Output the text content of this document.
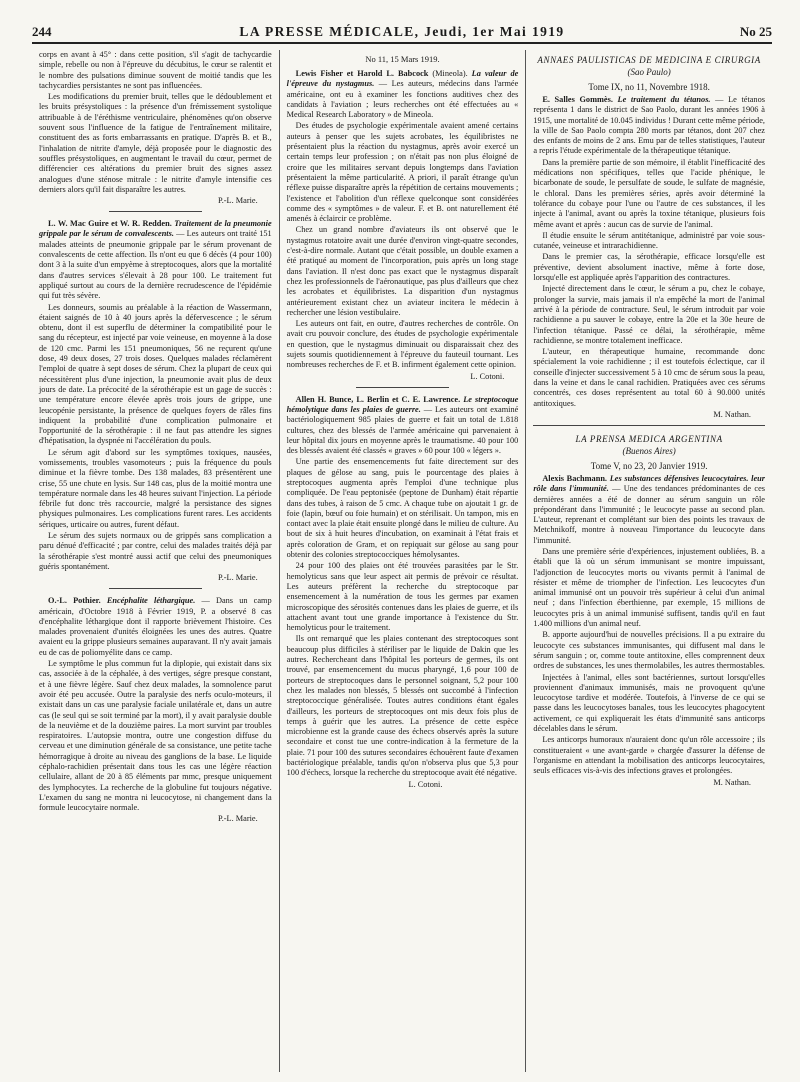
244	LA PRESSE MÉDICALE, Jeudi, 1er Mai 1919	No 25

corps en avant à 45° : dans cette position, s'il s'agit de tachycardie simple, rebelle ou non à l'épreuve du décubitus, le cœur se ralentit et le nombre des pulsations diminue souvent de moitié tandis que les tachycardies persistantes ne sont pas influencées.

Les modifications du premier bruit, telles que le dédoublement et les bruits présystoliques : la présence d'un frémissement systolique attribuable à de l'éréthisme ventriculaire, phénomènes qu'on observe souvent sous l'influence de la fatigue de l'entraînement militaire, constituent des as forts embarrassants en pratique. D'après B. et B., l'inhalation de nitrite d'amyle, déjà proposée pour le diagnostic des souffles présystoliques, en augmentant le travail du cœur, permet de différencier ces altérations du premier bruit des signes assez analogues d'une sténose mitrale : le nitrite d'amyle intensifie ces derniers alors qu'il fait disparaître les autres.

P.-L. Marie.

L. W. Mac Guire et W. R. Redden. Traitement de la pneumonie grippale par le sérum de convalescents. — Les auteurs ont traité 151 malades atteints de pneumonie grippale par le sérum provenant de convalescents de cette affection. Ils n'ont eu que 6 décès (4 pour 100) dont 3 à la suite d'un empyème à streptocoques, alors que la mortalité dans d'autres services s'élevait à 28 pour 100. Le traitement fut appliqué surtout au cours de la dernière recrudescence de l'épidémie qui fut très sévère.

Les donneurs, soumis au préalable à la réaction de Wassermann, étaient saignés de 10 à 40 jours après la défervescence ; le sérum obtenu, dont il est superflu de déterminer la compatibilité pour le sang du récepteur, est injecté par voie veineuse, en moyenne à la dose de 120 cmc. Parmi les 151 pneumoniques, 56 ne reçurent qu'une dose, 49 deux doses, 27 trois doses. Quelques malades réclamèrent l'emploi de quatre à sept doses de sérum. Chez la plupart de ceux qui nécessitèrent plus d'une injection, la pneumonie avait plus de deux jours de date. La précocité de la sérothérapie est un gage de succès : une température encore élevée après trois jours de grippe, une leucopénie persistante, la présence de quelques foyers de râles fins indiquent la probabilité d'une complication pulmonaire et l'opportunité de la sérothérapie : il ne faut pas attendre les signes d'hépatisation, la dyspnée ni l'accélération du pouls.

Le sérum agit d'abord sur les symptômes toxiques, nausées, vomissements, troubles vasomoteurs ; puis la fréquence du pouls diminue et la fièvre tombe. Des 138 malades, 83 présentèrent une crise, 55 une chute en lysis. Sur 148 cas, plus de la moitié montra une température normale dans les 48 heures suivant l'injection. La période fébrile fut donc très raccourcie, malgré la persistance des signes physiques pulmonaires. Les complications furent rares. Les accidents sériques, urticaire ou autres, furent défaut.

Le sérum des sujets normaux ou de grippés sans complication a paru dénué d'efficacité ; par contre, celui des malades traités déjà par la sérothérapie s'est montré aussi actif que celui des pneumoniques guéris spontanément.

P.-L. Marie.

O.-L. Pothier. Encéphalite léthargique. — Dans un camp américain, d'Octobre 1918 à Février 1919, P. a observé 8 cas d'encéphalite léthargique dont il rapporte brièvement l'histoire. Ces malades provenaient d'unités éloignées les unes des autres. Quatre avaient eu la grippe plusieurs semaines auparavant. Il n'y avait jamais eu de cas de poliomyélite dans ce camp.

Le symptôme le plus commun fut la diplopie, qui existait dans six cas, associée à de la céphalée, à des vertiges, ségre presque constant, et à une fièvre légère. Sauf chez deux malades, la somnolence parut avoir été peu accusée. Outre la paralysie des nerfs oculo-moteurs, il existait dans un cas une paralysie faciale unilatérale et, dans un autre cas (le seul qui se soit terminé par la mort), il y avait paralysie double de la neuvième et de la douzième paires. La mort survint par troubles respiratoires. L'autopsie montra, outre une congestion diffuse du cerveau et une diminution générale de sa consistance, une petite tache hémorragique à droite au niveau des ganglions de la base. Le liquide céphalo-rachidien présentait dans tous les cas une légère réaction cellulaire, allant de 20 à 85 éléments par mmc, presque uniquement des lymphocytes. La recherche de la globuline fut toujours négative. L'examen du sang ne montra ni leucocytose, ni changement dans la formule leucocytaire normale.

P.-L. Marie.
No 11, 15 Mars 1919.

Lewis Fisher et Harold L. Babcock (Mineola). La valeur de l'épreuve du nystagmus. — Les auteurs, médecins dans l'armée américaine, ont eu à examiner les fonctions auditives chez des candidats à l'aviation ; leurs recherches ont été effectuées au « Medical Research Laboratory » de Mineola.

Des études de psychologie expérimentale avaient amené certains auteurs à penser que les sujets acrobates, les équilibristes ne présentaient plus la réaction du nystagmus, après avoir exercé un certain temps leur profession ; on n'était pas non plus éloigné de croire que les militaires servant depuis longtemps dans l'aviation présentaient la même particularité. A priori, il paraît étrange qu'un réflexe puisse disparaître après la répétition de certains mouvements ; l'existence et l'abolition d'un réflexe quelconque sont considérées comme des « symptômes » de valeur. F. et B. ont naturellement été amenés à éclaircir ce problème.

Chez un grand nombre d'aviateurs ils ont observé que le nystagmus rotatoire avait une durée d'environ vingt-quatre secondes, c'est-à-dire normale. Autant que c'était possible, un double examen a été pratiqué au moment de l'incorporation, puis après un long stage dans l'aviation. Il n'est donc pas exact que le nystagmus disparaît chez les professionnels de l'aéronautique, pas plus d'ailleurs que chez les acrobates et équilibristes. La disparition d'un nystagmus antérieurement existant chez un aviateur incitera le médecin à rechercher une lésion vestibulaire.

Les auteurs ont fait, en outre, d'autres recherches de contrôle. On avait cru pouvoir conclure, des études de psychologie expérimentale en question, que le nystagmus diminuait ou disparaissait chez des sujets soumis quotidiennement à l'épreuve du fauteuil tournant. Les nombreuses recherches de F. et B. infirment également cette opinion.

L. Cotoni.

Allen H. Bunce, L. Berlin et C. E. Lawrence. Le streptocoque hémolytique dans les plaies de guerre. — Les auteurs ont examiné bactériologiquement 985 plaies de guerre et fait un total de 1.818 cultures, chez des blessés de l'armée américaine qui parvenaient à leur hôpital dix jours en moyenne après le traumatisme. 40 pour 100 des blessés avaient été classés « graves » 60 pour 100 « légers ».

Une partie des ensemencements fut faite directement sur des plaques de gélose au sang, puis le pourcentage des plaies à streptocoques augmenta après l'emploi d'une technique plus compliquée. De l'eau peptonisée (peptone de Dunham) était répartie dans des tubes, à raison de 5 cmc. A chaque tube on ajoutait 1 gr. de foie (lapin, bœuf ou foie humain) et on stérilisait. Un tampon, mis en contact avec la plaie était ensuite plongé dans le milieu de culture. Au bout de six à huit heures d'incubation, on examinait à l'état frais et après coloration de Gram, et on repiquait sur gélose au sang pour obtenir des colonies streptococciques hémolysantes.

24 pour 100 des plaies ont été trouvées parasitées par le Str. hemolyticus sans que leur aspect ait permis de prévoir ce résultat. Les auteurs préfèrent la recherche du streptocoque par ensemencement à la numération de tous les germes par examen microscopique des sérosités contenues dans les plaies de guerre, et ils attachent avant tout une grande importance à l'existence du Str. hemolyticus pour le traitement.

Ils ont remarqué que les plaies contenant des streptocoques sont beaucoup plus difficiles à stériliser par le liquide de Dakin que les autres. Rechercheant dans l'hôpital les porteurs de germes, ils ont trouvé, par ensemencement du mucus pharyngé, 1,6 pour 100 de porteurs de streptocoques dans le personnel soignant, 5,2 pour 100 chez les malades non blessés, 5 blessés ont succombé à l'infection streptococcique généralisée. Toutes autres conditions étant égales d'ailleurs, les porteurs de streptocoques ont mis deux fois plus de temps à guérir que les autres. La présence de cette espèce microbienne est la grande cause des échecs observés après la suture secondaire et const tue une contre-indication à la fermeture de la plaie. 71 pour 100 des sutures secondaires échouèrent faute d'examen bactériologique préalable, tandis qu'on n'observa plus que 5,3 pour 100 d'échecs, lorsque la recherche du streptocoque avait été négative.

L. Cotoni.
ANNAES PAULISTICAS DE MEDICINA E CIRURGIA
(Sao Paulo)
Tome IX, no 11, Novembre 1918.

E. Salles Gommès. Le traitement du tétanos. — Le tétanos représenta 1 dans le district de Sao Paolo, durant les années 1906 à 1915, une mortalité de 10.045 individus ! Durant cette même période, la ville de Sao Paolo compta 280 morts par tétanos, dont 207 chez des enfants de moins de 2 ans. Emu par de telles statistiques, l'auteur a repris l'étude expérimentale de la thérapeutique tétanique.

Dans la première partie de son mémoire, il établit l'inefficacité des médications non spécifiques, telles que l'acide phénique, le bicarbonate de soude, le persulfate de soude, le sulfate de magnésie, le chloral. Dans les premières séries, après avoir déterminé la tolérance du cobaye pour l'une ou l'autre de ces substances, il les injecte à l'animal, avant ou après la toxine tétanique, plusieurs fois même avant et après : aucun cas de survie de l'animal.

Il étudie ensuite le sérum antitétanique, administré par voie sous-cutanée, veineuse et intrarachidienne.

Dans le premier cas, la sérothérapie, efficace lorsqu'elle est préventive, devient absolument inactive, même à forte dose, lorsqu'elle est appliquée après l'apparition des contractures.

Injecté directement dans le cœur, le sérum a pu, chez le cobaye, prolonger la survie, mais jamais il n'a empêché la mort de l'animal arrivé à la période de contracture. Seul, le sérum introduit par voie rachidienne a pu sauver le cobaye, entre la 20e et la 30e heure de l'infection tétanique. Passé ce délai, la sérothérapie, même rachidienne, se montre totalement inefficace.

L'auteur, en thérapeutique humaine, recommande donc spécialement la voie rachidienne ; il est toutefois éclectique, car il conseille d'injecter successivement 5 à 10 cmc de sérum sous la peau, dans la veine et dans le canal rachidien. Pratiquées avec ces sérums concentrés, ces doses représentent au total 60 à 90.000 unités antitoxiques.

M. Nathan.
LA PRENSA MEDICA ARGENTINA
(Buenos Aires)
Tome V, no 23, 20 Janvier 1919.

Alexis Bachmann. Les substances défensives leucocytaires. leur rôle dans l'immunité. — Une des tendances prédominantes de ces dernières années a été de donner au sérum sanguin un rôle prépondérant dans l'immunité ; le leucocyte passe au second plan. L'auteur, reprenant et complétant sur bien des points les travaux de Metchnikoff, montre à nouveau l'importance du leucocyte dans l'immunité.

Dans une première série d'expériences, injustement oubliées, B. a établi que là où un sérum immunisant se montre impuissant, l'adjonction de leucocytes morts ou vivants permit à l'animal de résister et même de triompher de l'infection. Les leucocytes d'un animal immunisé ont un pouvoir très supérieur à celui d'un animal neuf ; dans l'infection éberthienne, par exemple, 15 millions de leucocytes pris à un animal immunisé suffisent, tandis qu'il en faut 1.400 millions d'un animal neuf.

B. apporte aujourd'hui de nouvelles précisions. Il a pu extraire du leucocyte ces substances immunisantes, qui diffusent mal dans le sérum sanguin ; or, comme toute antitoxine, elles comprennent deux ordres de substances, les unes thermolabiles, les autres thermostables.

Injectées à l'animal, elles sont bactériennes, surtout lorsqu'elles proviennent d'animaux immunisés, mais ne provoquent qu'une leucocytose tardive et modérée. Toutefois, à l'inverse de ce qui se passe dans les leucocytoses banales, tous les leucocytes phagocytent activement, ce qui expliquerait les états d'immunité sans anticorps décelables dans le sérum.

Les anticorps humoraux n'auraient donc qu'un rôle accessoire ; ils constitueraient « une avant-garde » chargée d'assurer la défense de l'organisme en attendant la mobilisation des anticorps leucocytaires, seuls efficaces vis-à-vis des infections graves et prolongées.

M. Nathan.
